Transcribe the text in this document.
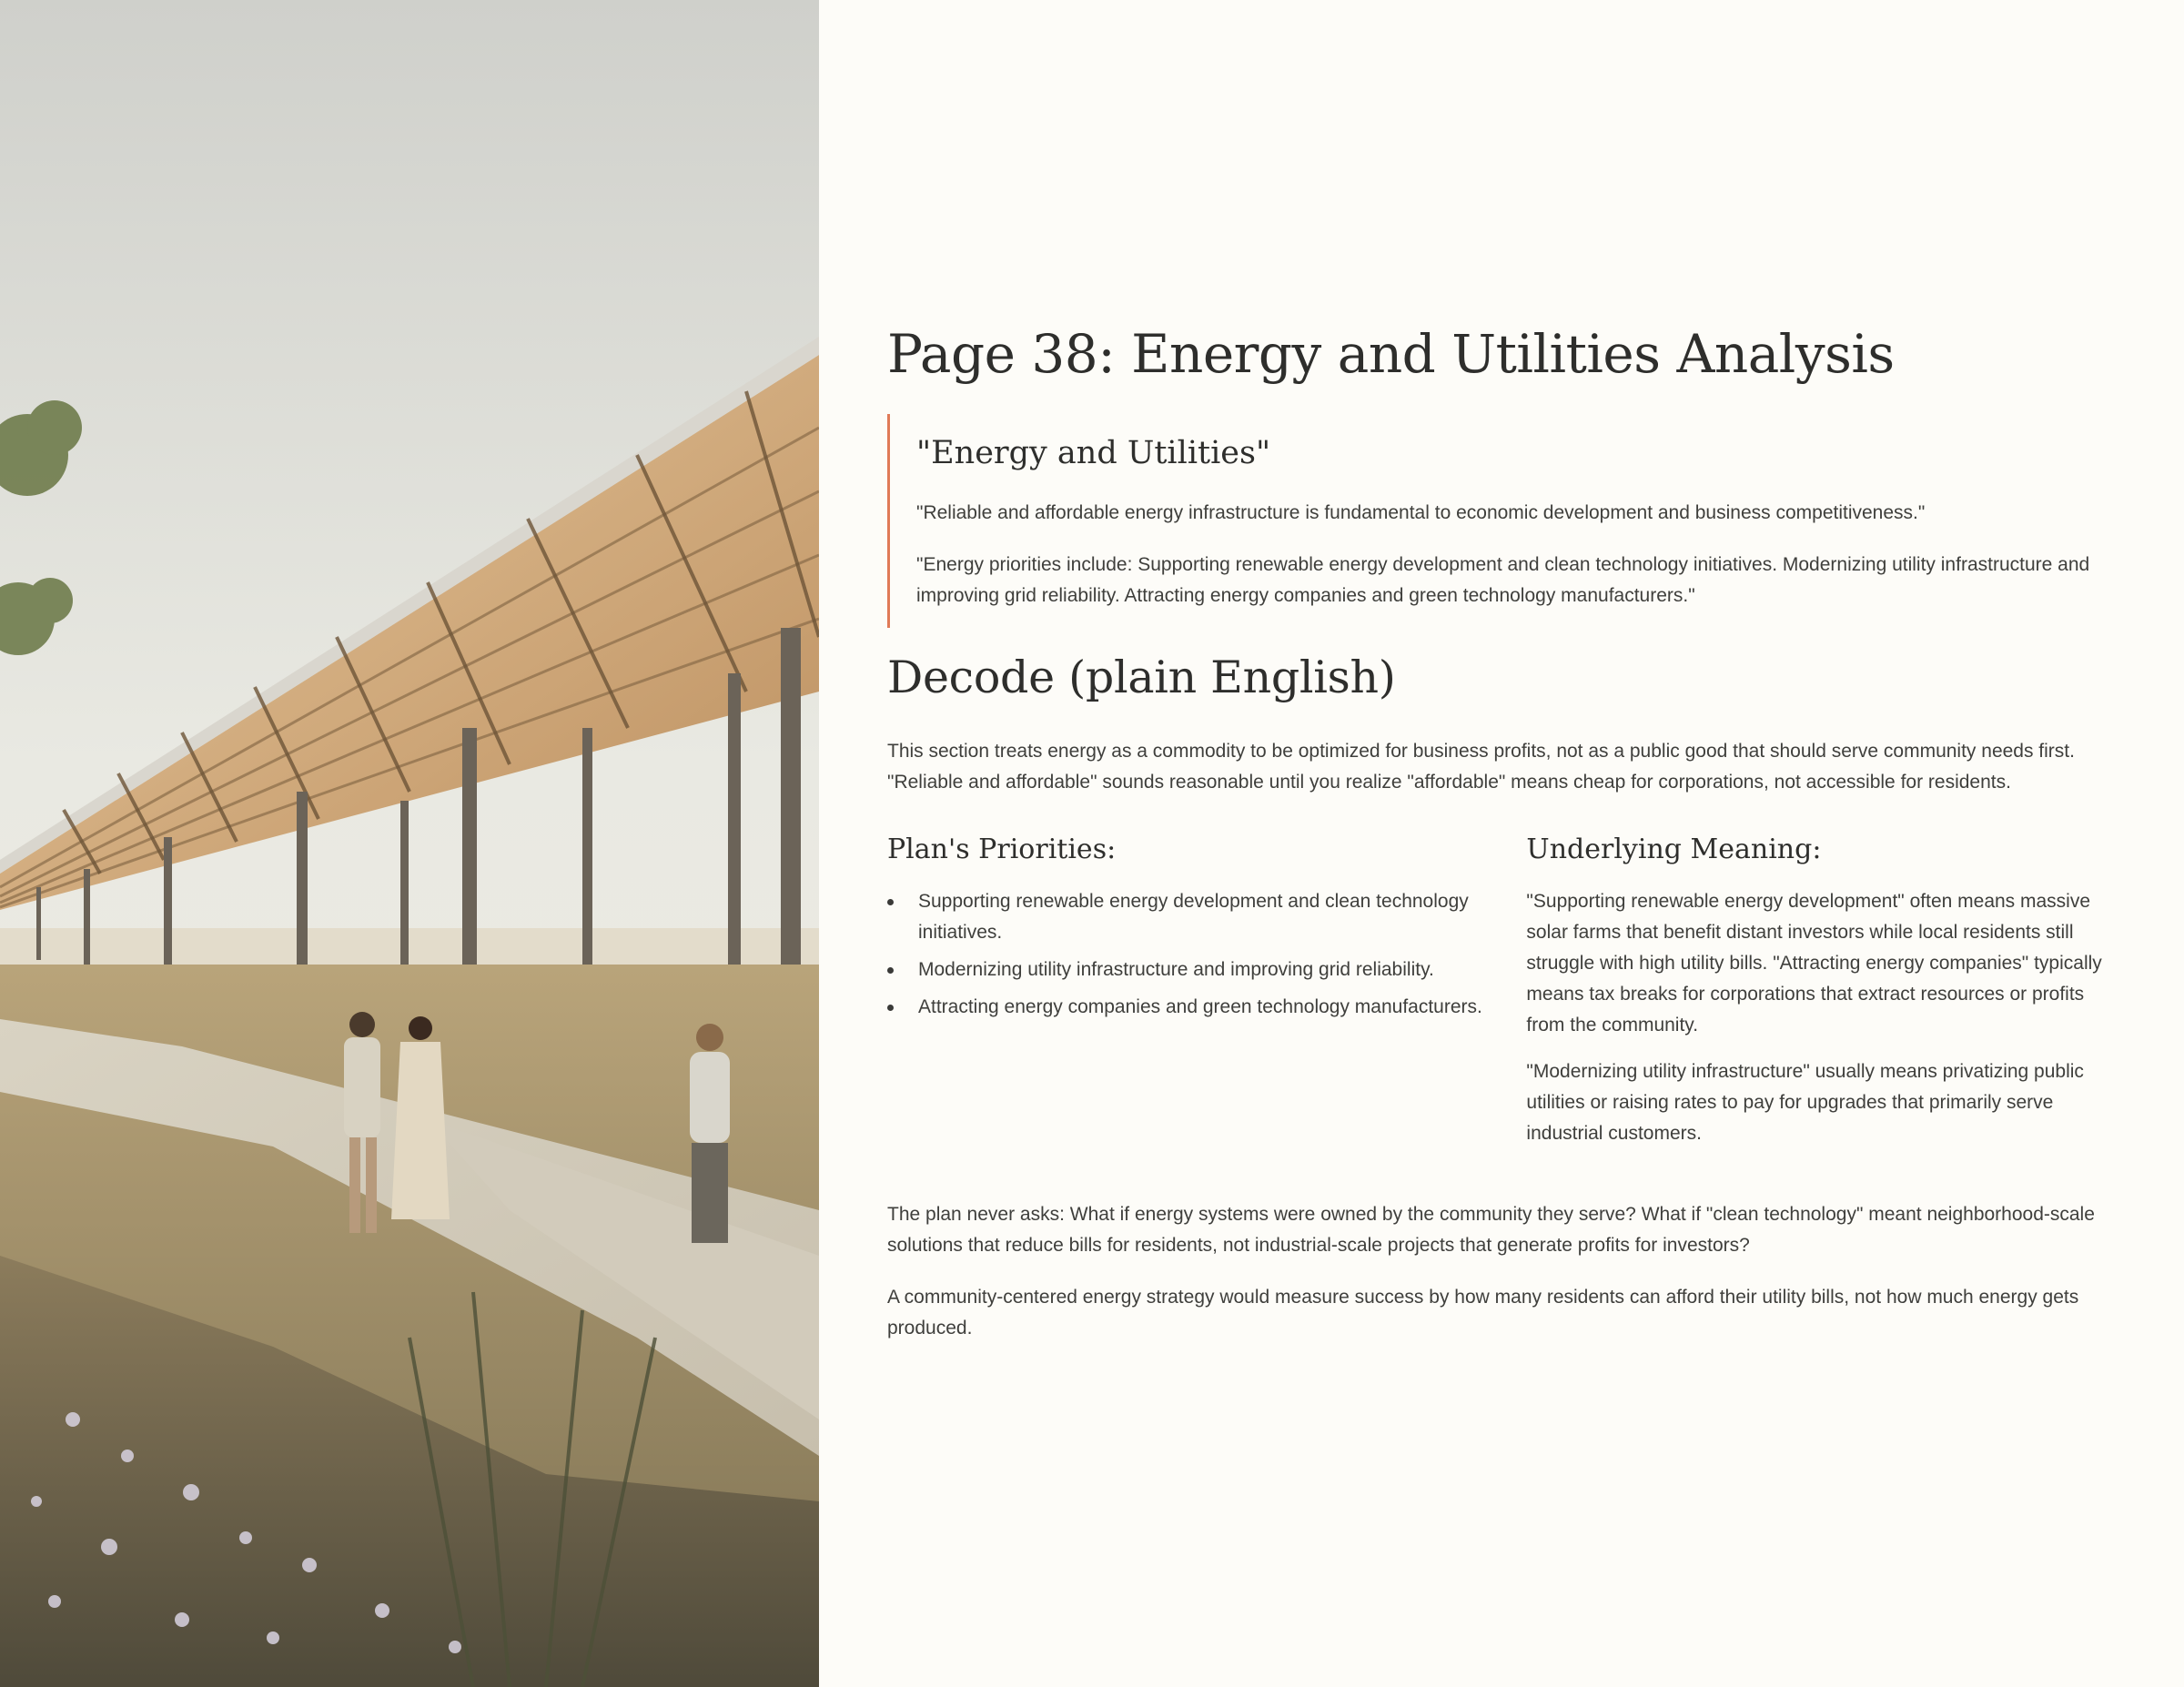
Page 38: Energy and Utilities Analysis
"Energy and Utilities"

"Reliable and affordable energy infrastructure is fundamental to economic development and business competitiveness."

"Energy priorities include: Supporting renewable energy development and clean technology initiatives. Modernizing utility infrastructure and improving grid reliability. Attracting energy companies and green technology manufacturers."

Decode (plain English)

This section treats energy as a commodity to be optimized for business profits, not as a public good that should serve community needs first. "Reliable and affordable" sounds reasonable until you realize "affordable" means cheap for corporations, not accessible for residents.

Plan's Priorities:
Supporting renewable energy development and clean technology initiatives.
Modernizing utility infrastructure and improving grid reliability.
Attracting energy companies and green technology manufacturers.
Underlying Meaning:

"Supporting renewable energy development" often means massive solar farms that benefit distant investors while local residents still struggle with high utility bills. "Attracting energy companies" typically means tax breaks for corporations that extract resources or profits from the community.

"Modernizing utility infrastructure" usually means privatizing public utilities or raising rates to pay for upgrades that primarily serve industrial customers.

The plan never asks: What if energy systems were owned by the community they serve? What if "clean technology" meant neighborhood-scale solutions that reduce bills for residents, not industrial-scale projects that generate profits for investors?

A community-centered energy strategy would measure success by how many residents can afford their utility bills, not how much energy gets produced.
